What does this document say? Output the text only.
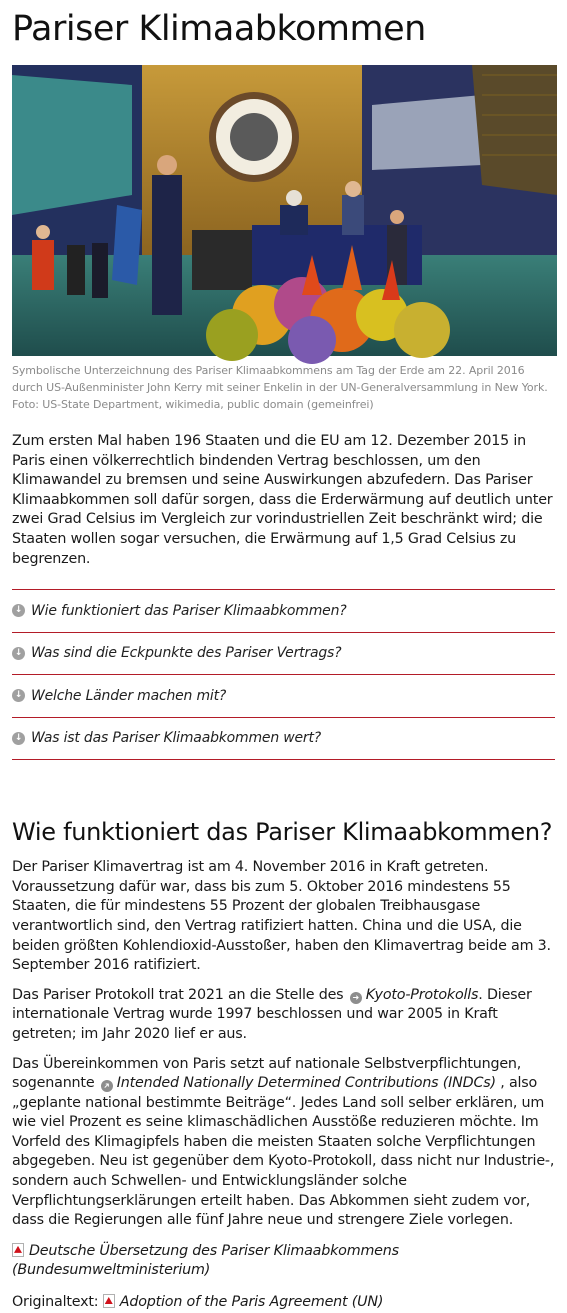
Pariser Klimaabkommen

Symbolische Unterzeichnung des Pariser Klimaabkommens am Tag der Erde am 22. April 2016 durch US-Außenminister John Kerry mit seiner Enkelin in der UN-Generalversammlung in New York. Foto: US-State Department, wikimedia, public domain (gemeinfrei)

Zum ersten Mal haben 196 Staaten und die EU am 12. Dezember 2015 in Paris einen völkerrechtlich bindenden Vertrag beschlossen, um den Klimawandel zu bremsen und seine Auswirkungen abzufedern. Das Pariser Klimaabkommen soll dafür sorgen, dass die Erderwärmung auf deutlich unter zwei Grad Celsius im Vergleich zur vorindustriellen Zeit beschränkt wird; die Staaten wollen sogar versuchen, die Erwärmung auf 1,5 Grad Celsius zu begrenzen.

↓ Wie funktioniert das Pariser Klimaabkommen?
↓ Was sind die Eckpunkte des Pariser Vertrags?
↓ Welche Länder machen mit?
↓ Was ist das Pariser Klimaabkommen wert?
Wie funktioniert das Pariser Klimaabkommen?

Der Pariser Klimavertrag ist am 4. November 2016 in Kraft getreten. Voraussetzung dafür war, dass bis zum 5. Oktober 2016 mindestens 55 Staaten, die für mindestens 55 Prozent der globalen Treibhausgase verantwortlich sind, den Vertrag ratifiziert hatten. China und die USA, die beiden größten Kohlendioxid-Ausstoßer, haben den Klimavertrag beide am 3. September 2016 ratifiziert.

Das Pariser Protokoll trat 2021 an die Stelle des ➜ Kyoto-Protokolls. Dieser internationale Vertrag wurde 1997 beschlossen und war 2005 in Kraft getreten; im Jahr 2020 lief er aus.

Das Übereinkommen von Paris setzt auf nationale Selbstverpflichtungen, sogenannte ➜ Intended Nationally Determined Contributions (INDCs) , also „geplante national bestimmte Beiträge“. Jedes Land soll selber erklären, um wie viel Prozent es seine klimaschädlichen Ausstöße reduzieren möchte. Im Vorfeld des Klimagipfels haben die meisten Staaten solche Verpflichtungen abgegeben. Neu ist gegenüber dem Kyoto-Protokoll, dass nicht nur Industrie-, sondern auch Schwellen- und Entwicklungsländer solche Verpflichtungserklärungen erteilt haben. Das Abkommen sieht zudem vor, dass die Regierungen alle fünf Jahre neue und strengere Ziele vorlegen.

Deutsche Übersetzung des Pariser Klimaabkommens (Bundesumweltministerium)

Originaltext: Adoption of the Paris Agreement (UN)
